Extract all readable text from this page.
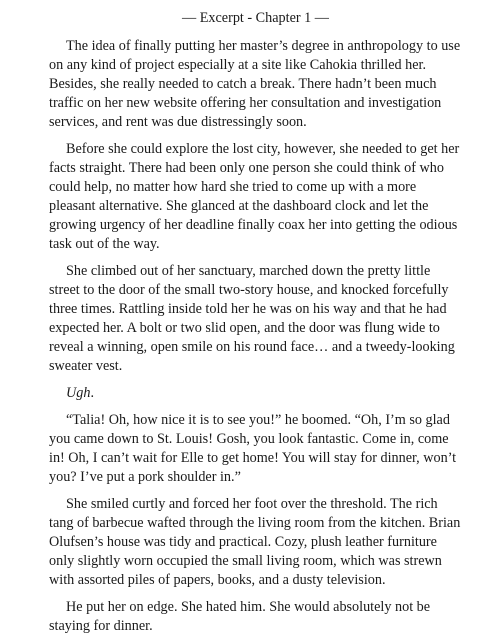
— Excerpt - Chapter 1 —

The idea of finally putting her master’s degree in anthropology to use on any kind of project especially at a site like Cahokia thrilled her. Besides, she really needed to catch a break. There hadn’t been much traffic on her new website offering her consultation and investigation services, and rent was due distressingly soon.

Before she could explore the lost city, however, she needed to get her facts straight. There had been only one person she could think of who could help, no matter how hard she tried to come up with a more pleasant alternative. She glanced at the dashboard clock and let the growing urgency of her deadline finally coax her into getting the odious task out of the way.

She climbed out of her sanctuary, marched down the pretty little street to the door of the small two-story house, and knocked forcefully three times. Rattling inside told her he was on his way and that he had expected her. A bolt or two slid open, and the door was flung wide to reveal a winning, open smile on his round face… and a tweedy-looking sweater vest.

Ugh.

“Talia! Oh, how nice it is to see you!” he boomed. “Oh, I’m so glad you came down to St. Louis! Gosh, you look fantastic. Come in, come in! Oh, I can’t wait for Elle to get home! You will stay for dinner, won’t you? I’ve put a pork shoulder in.”

She smiled curtly and forced her foot over the threshold. The rich tang of barbecue wafted through the living room from the kitchen. Brian Olufsen’s house was tidy and practical. Cozy, plush leather furniture only slightly worn occupied the small living room, which was strewn with assorted piles of papers, books, and a dusty television.

He put her on edge. She hated him. She would absolutely not be staying for dinner.
